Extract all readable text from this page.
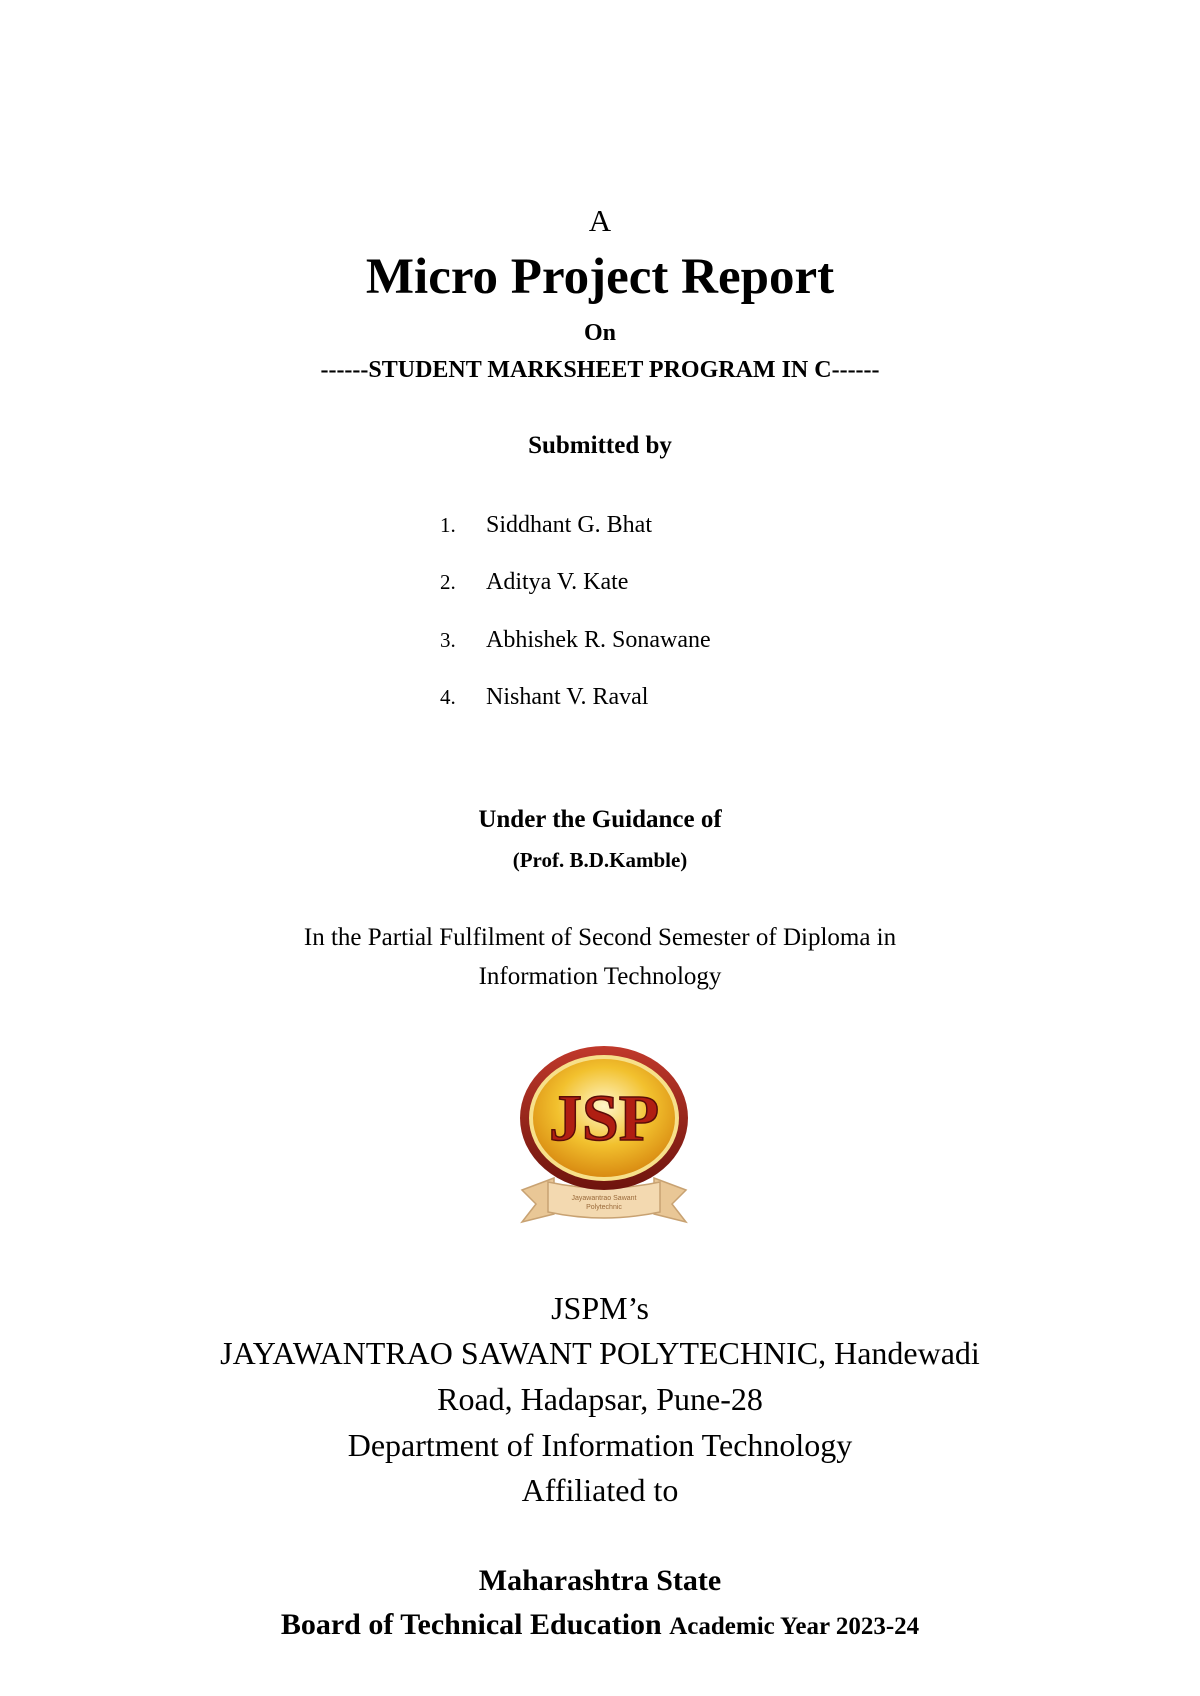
A
Micro Project Report
On
------STUDENT MARKSHEET PROGRAM IN C------
Submitted by
1. Siddhant G. Bhat
2. Aditya V. Kate
3. Abhishek R. Sonawane
4. Nishant V. Raval
Under the Guidance of
(Prof. B.D.Kamble)
In the Partial Fulfilment of Second Semester of Diploma in
Information Technology
Jayawantrao Sawant
Polytechnic
JSP
JSPM’s
JAYAWANTRAO SAWANT POLYTECHNIC, Handewadi
Road, Hadapsar, Pune-28
Department of Information Technology
Affiliated to
Maharashtra State
Board of Technical Education Academic Year 2023-24
